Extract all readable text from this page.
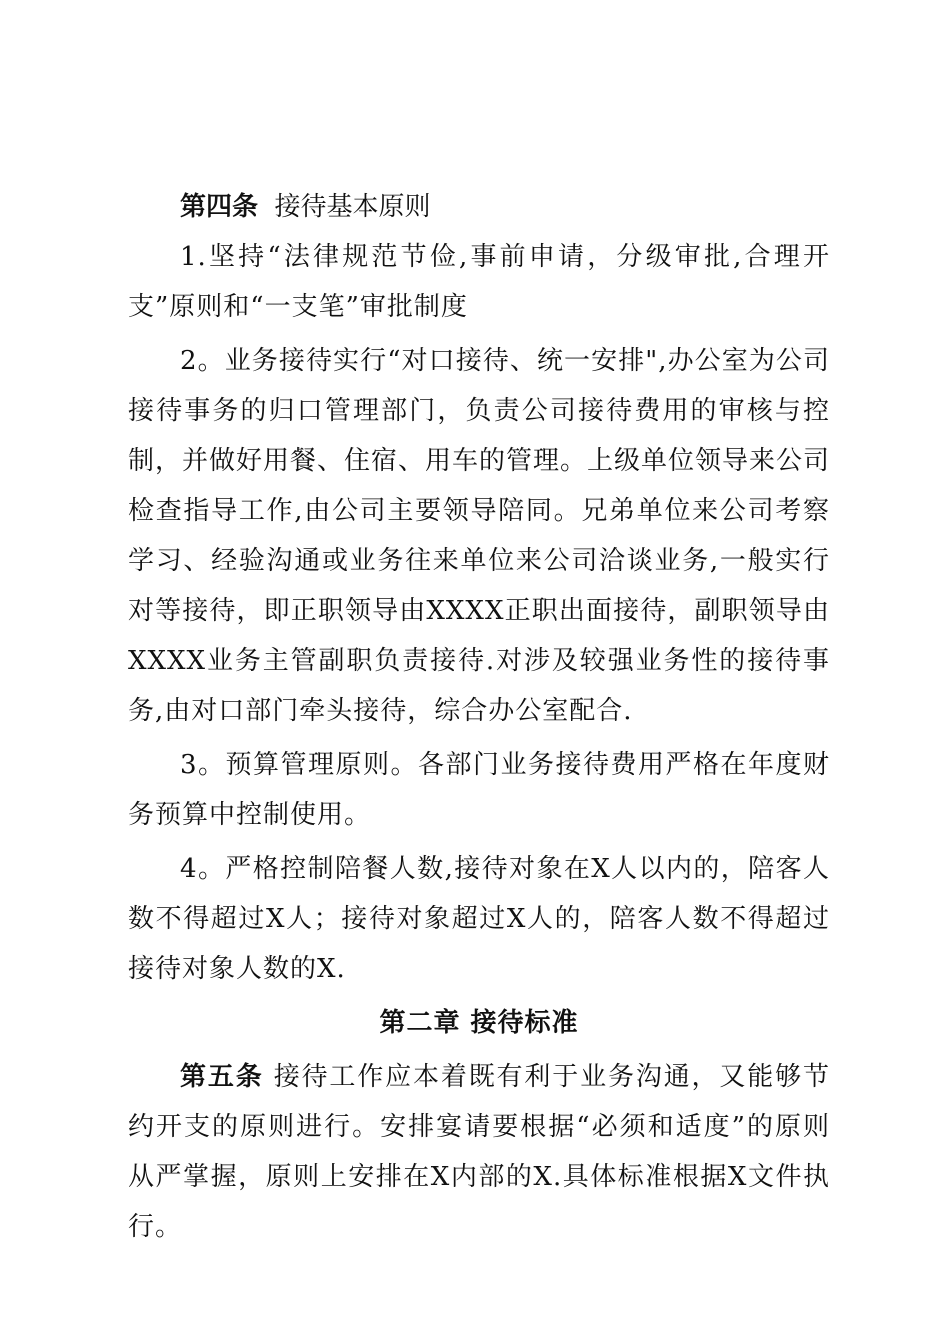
第四条 接待基本原则

1.坚持“法律规范节俭,事前申请，分级审批,合理开支”原则和“一支笔”审批制度

2。业务接待实行“对口接待、统一安排",办公室为公司接待事务的归口管理部门，负责公司接待费用的审核与控制，并做好用餐、住宿、用车的管理。上级单位领导来公司检查指导工作,由公司主要领导陪同。兄弟单位来公司考察学习、经验沟通或业务往来单位来公司洽谈业务,一般实行对等接待，即正职领导由XXXX正职出面接待，副职领导由XXXX业务主管副职负责接待.对涉及较强业务性的接待事务,由对口部门牵头接待，综合办公室配合.

3。预算管理原则。各部门业务接待费用严格在年度财务预算中控制使用。

4。严格控制陪餐人数,接待对象在X人以内的，陪客人数不得超过X人；接待对象超过X人的，陪客人数不得超过接待对象人数的X.

第二章 接待标准

第五条 接待工作应本着既有利于业务沟通，又能够节约开支的原则进行。安排宴请要根据“必须和适度”的原则从严掌握，原则上安排在X内部的X.具体标准根据X文件执行。
